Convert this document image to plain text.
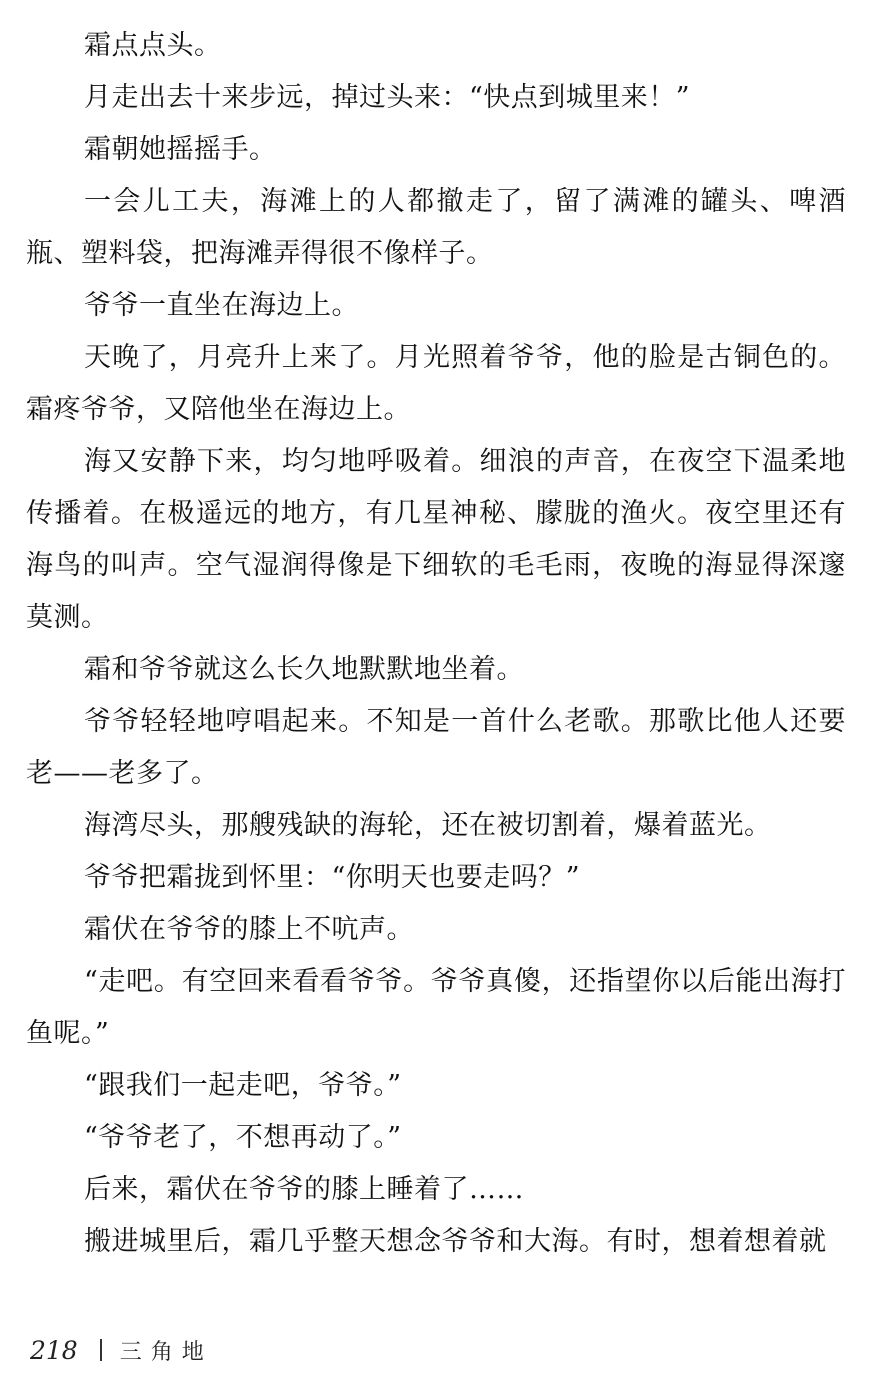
霜点点头。

月走出去十来步远，掉过头来：“快点到城里来！”

霜朝她摇摇手。

一会儿工夫，海滩上的人都撤走了，留了满滩的罐头、啤酒瓶、塑料袋，把海滩弄得很不像样子。

爷爷一直坐在海边上。

天晚了，月亮升上来了。月光照着爷爷，他的脸是古铜色的。霜疼爷爷，又陪他坐在海边上。

海又安静下来，均匀地呼吸着。细浪的声音，在夜空下温柔地传播着。在极遥远的地方，有几星神秘、朦胧的渔火。夜空里还有海鸟的叫声。空气湿润得像是下细软的毛毛雨，夜晚的海显得深邃莫测。

霜和爷爷就这么长久地默默地坐着。

爷爷轻轻地哼唱起来。不知是一首什么老歌。那歌比他人还要老——老多了。

海湾尽头，那艘残缺的海轮，还在被切割着，爆着蓝光。

爷爷把霜拢到怀里：“你明天也要走吗？”

霜伏在爷爷的膝上不吭声。

“走吧。有空回来看看爷爷。爷爷真傻，还指望你以后能出海打鱼呢。”

“跟我们一起走吧，爷爷。”

“爷爷老了，不想再动了。”

后来，霜伏在爷爷的膝上睡着了……

搬进城里后，霜几乎整天想念爷爷和大海。有时，想着想着就

218 三角地
